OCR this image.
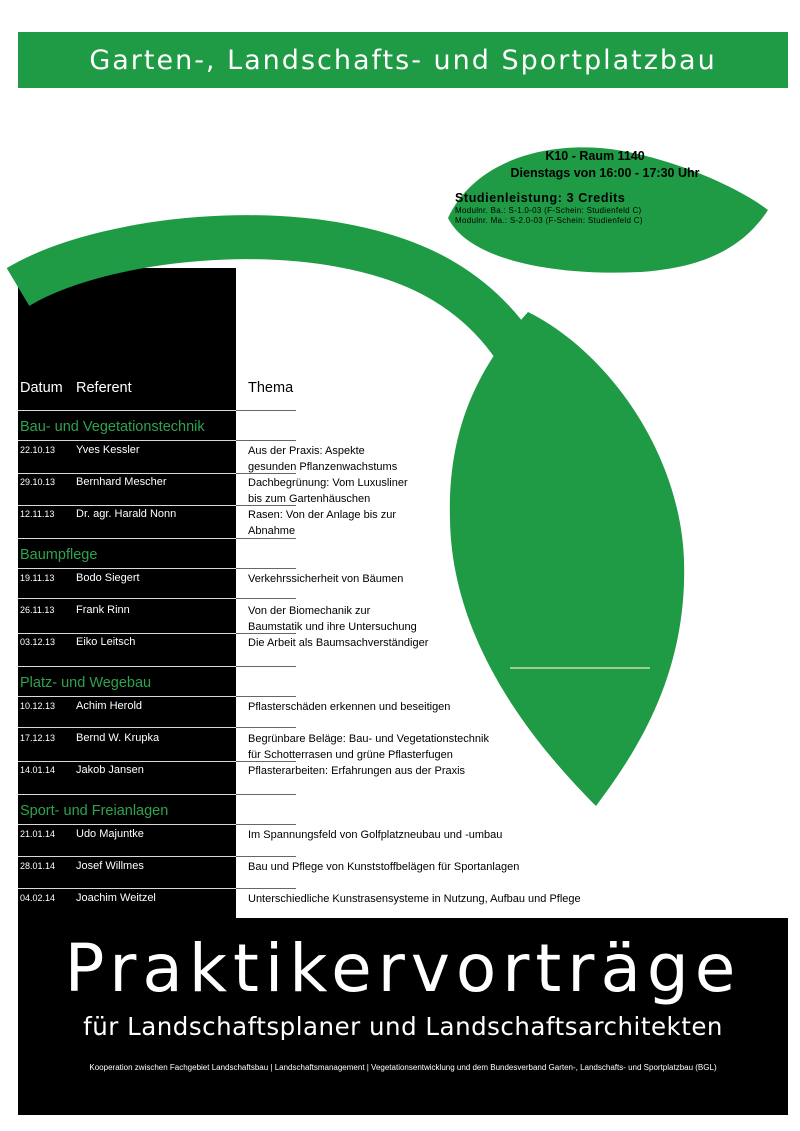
Garten-, Landschafts- und Sportplatzbau
K10 - Raum 1140
Dienstags von 16:00 - 17:30 Uhr
Studienleistung: 3 Credits
Modulnr. Ba.: S-1.0-03 (F-Schein: Studienfeld C)
Modulnr. Ma.: S-2.0-03 (F-Schein: Studienfeld C)
Datum Referent	Thema
Bau- und Vegetationstechnik
22.10.13 Yves Kessler	Aus der Praxis: Aspekte
gesunden Pflanzenwachstums
29.10.13 Bernhard Mescher	Dachbegrünung: Vom Luxusliner
bis zum Gartenhäuschen
12.11.13 Dr. agr. Harald Nonn	Rasen: Von der Anlage bis zur
Abnahme
Baumpflege
19.11.13 Bodo Siegert	Verkehrssicherheit von Bäumen
26.11.13 Frank Rinn	Von der Biomechanik zur
Baumstatik und ihre Untersuchung
03.12.13 Eiko Leitsch	Die Arbeit als Baumsachverständiger
Platz- und Wegebau
10.12.13 Achim Herold	Pflasterschäden erkennen und beseitigen
17.12.13 Bernd W. Krupka	Begrünbare Beläge: Bau- und Vegetationstechnik
für Schotterrasen und grüne Pflasterfugen
14.01.14 Jakob Jansen	Pflasterarbeiten: Erfahrungen aus der Praxis
Sport- und Freianlagen
21.01.14 Udo Majuntke	Im Spannungsfeld von Golfplatzneubau und -umbau
28.01.14 Josef Willmes	Bau und Pflege von Kunststoffbelägen für Sportanlagen
04.02.14 Joachim Weitzel	Unterschiedliche Kunstrasensysteme in Nutzung, Aufbau und Pflege
Praktikervorträge
für Landschaftsplaner und Landschaftsarchitekten
Kooperation zwischen Fachgebiet Landschaftsbau | Landschaftsmanagement | Vegetationsentwicklung und dem Bundesverband Garten-, Landschafts- und Sportplatzbau (BGL)
